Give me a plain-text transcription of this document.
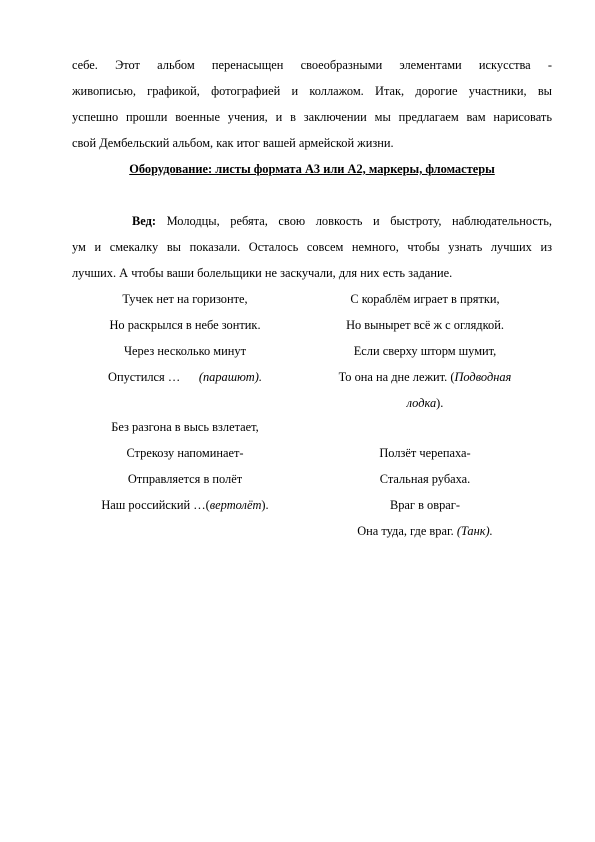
себе. Этот альбом перенасыщен своеобразными элементами искусства -
живописью, графикой, фотографией и коллажом. Итак, дорогие участники, вы
успешно прошли военные учения, и в заключении мы предлагаем вам нарисовать
свой Дембельский альбом, как итог вашей армейской жизни.
Оборудование: листы формата А3 или А2, маркеры, фломастеры
Вед: Молодцы, ребята, свою ловкость и быстроту, наблюдательность,
ум и смекалку вы показали. Осталось совсем немного, чтобы узнать лучших из
лучших. А чтобы ваши болельщики не заскучали, для них есть задание.
Тучек нет на горизонте,
Но раскрылся в небе зонтик.
Через несколько минут
Опустился … (парашют).
Без разгона в высь взлетает,
Стрекозу напоминает-
Отправляется в полёт
Наш российский …(вертолёт).
С кораблём играет в прятки,
Но вынырет всё ж с оглядкой.
Если сверху шторм шумит,
То она на дне лежит. (Подводная
лодка).
Ползёт черепаха-
Стальная рубаха.
Враг в овраг-
Она туда, где враг. (Танк).
